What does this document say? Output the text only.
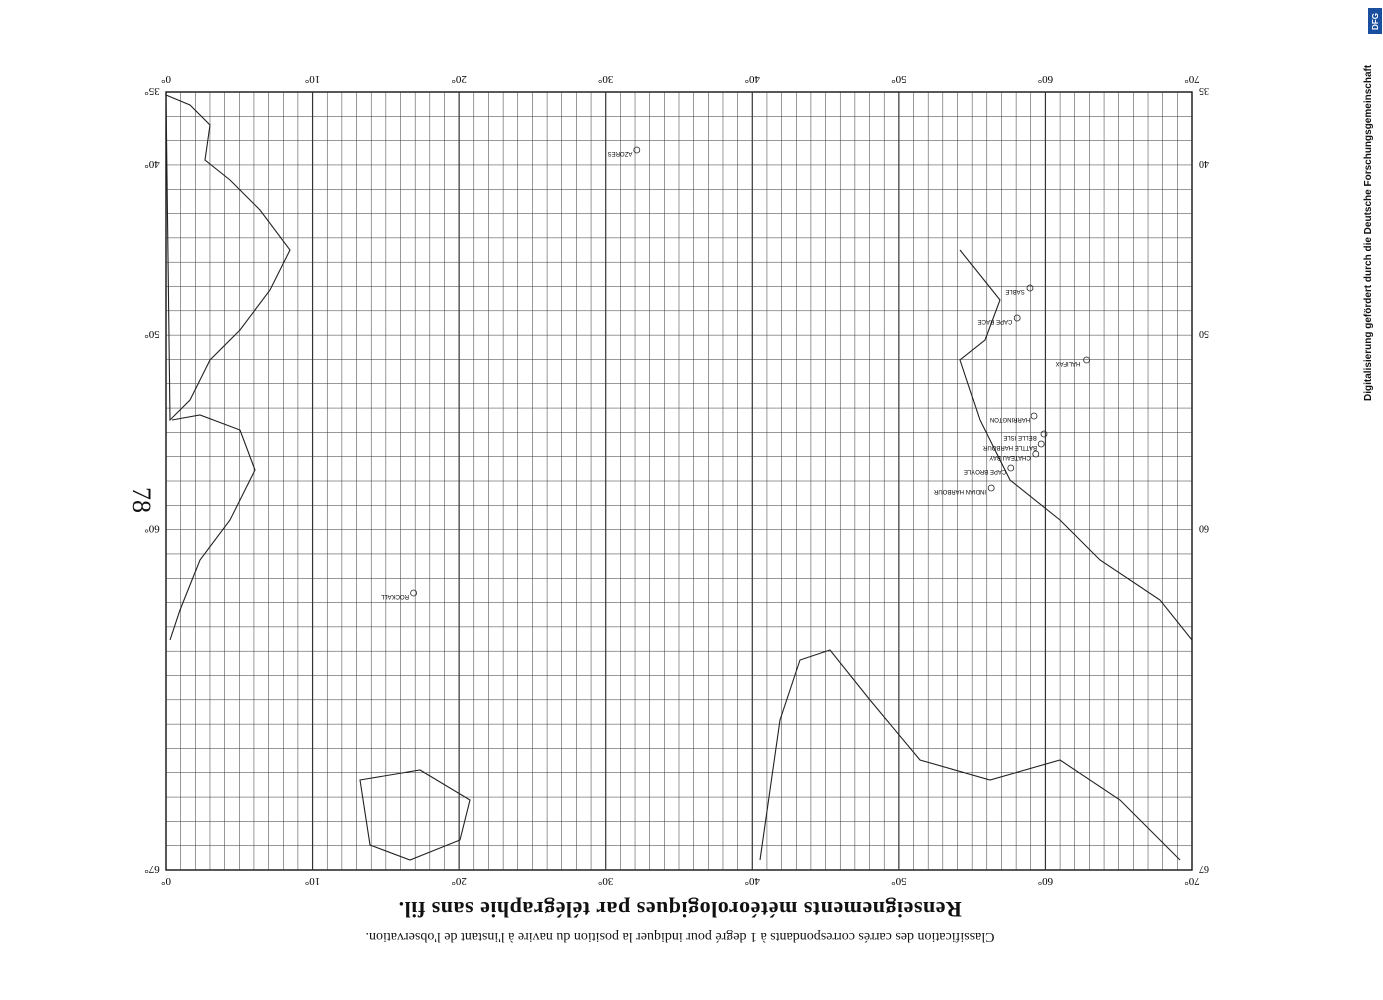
0°	10°	20°	30°	40°	50°	60°	70°
0°	10°	20°	30°	40°	50°	60°	70°
35°
40°
50°
60°
67°
35
40
50
60
67
AZORES
HALIFAX
SABLE
CAPE RACE
HARRINGTON
BELLE ISLE
BATTLE HARBOUR
CHATEAU BAY
INDIAN HARBOUR
CAPE BROYLE
ROCKALL
78
Classification des carrés correspondants à 1 degré pour indiquer la position du navire à l'instant de l'observation.
Renseignements météorologiques par télégraphie sans fil.
DFG
Digitalisierung gefördert durch die Deutsche Forschungsgemeinschaft
